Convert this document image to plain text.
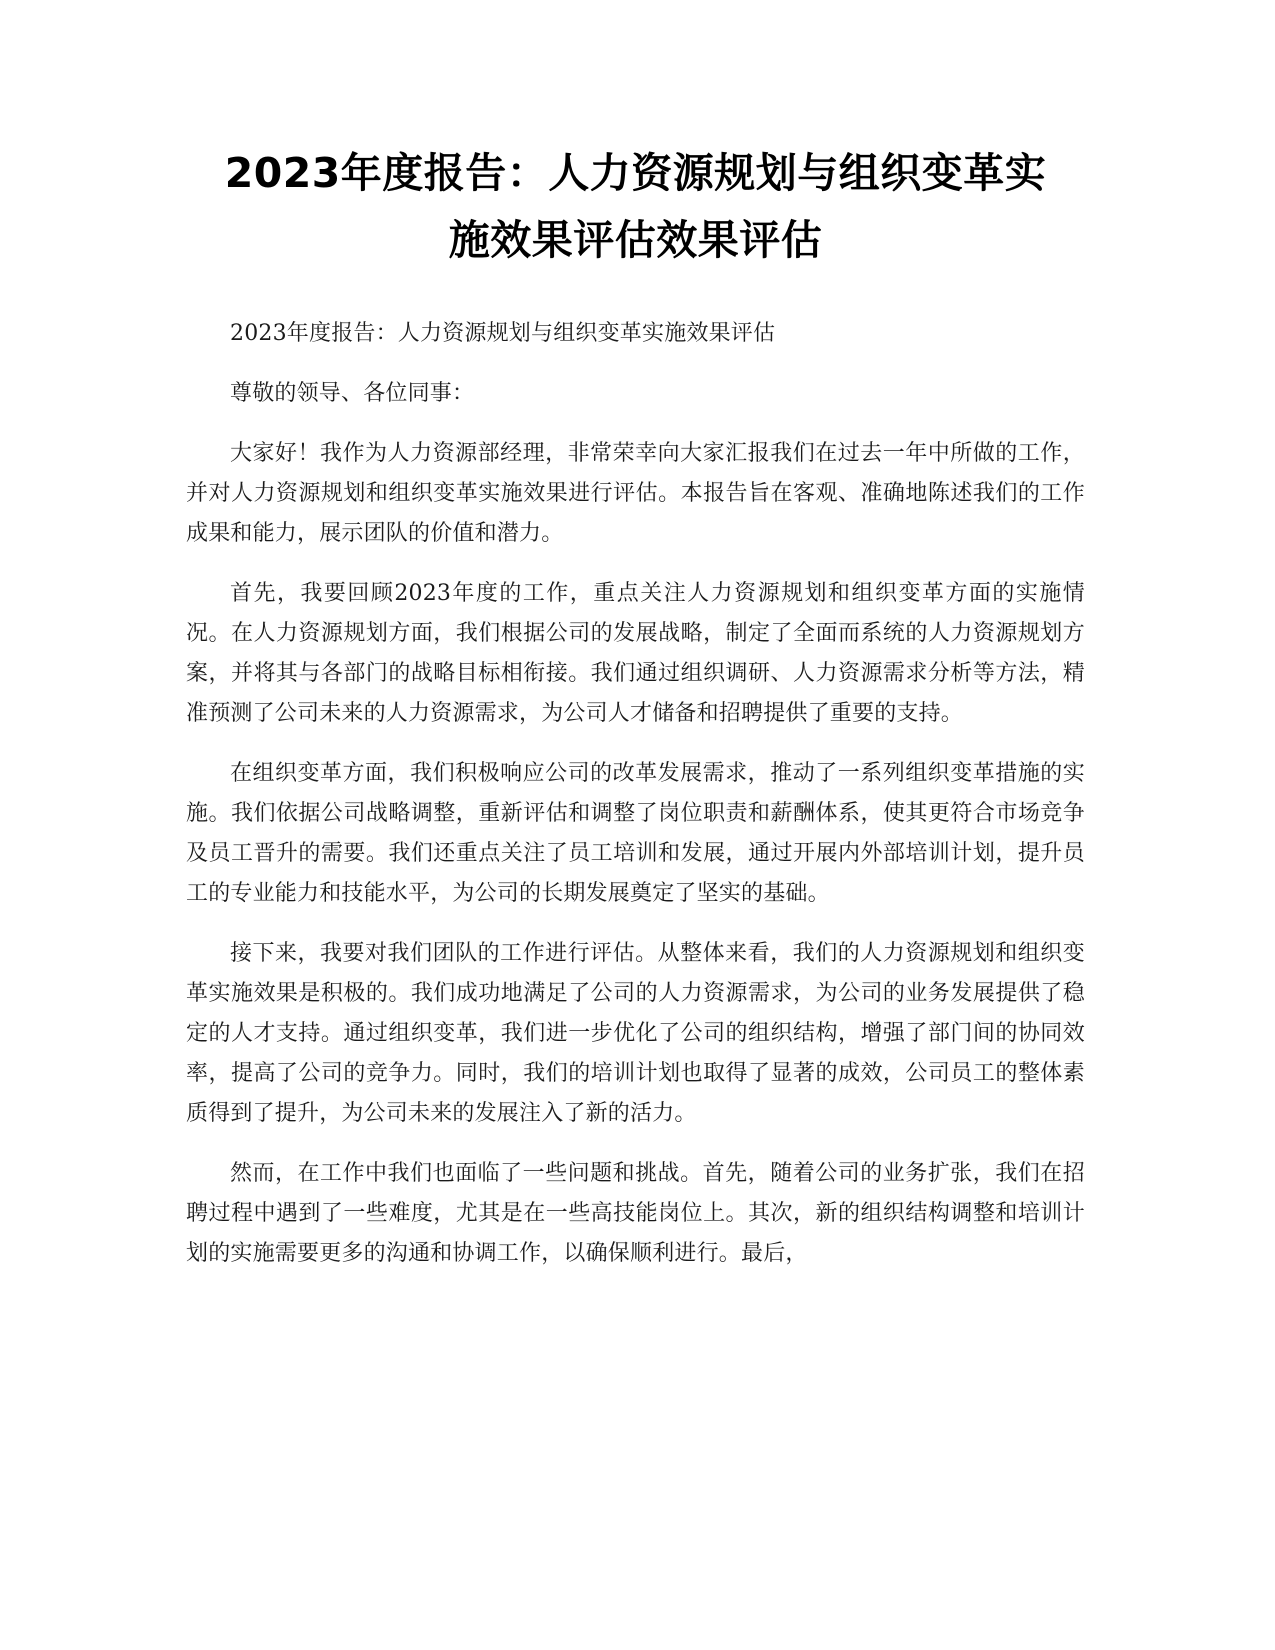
2023年度报告：人力资源规划与组织变革实
施效果评估效果评估

2023年度报告：人力资源规划与组织变革实施效果评估

尊敬的领导、各位同事：

大家好！我作为人力资源部经理，非常荣幸向大家汇报我们在过去一年中所做的工作，并对人力资源规划和组织变革实施效果进行评估。本报告旨在客观、准确地陈述我们的工作成果和能力，展示团队的价值和潜力。

首先，我要回顾2023年度的工作，重点关注人力资源规划和组织变革方面的实施情况。在人力资源规划方面，我们根据公司的发展战略，制定了全面而系统的人力资源规划方案，并将其与各部门的战略目标相衔接。我们通过组织调研、人力资源需求分析等方法，精准预测了公司未来的人力资源需求，为公司人才储备和招聘提供了重要的支持。

在组织变革方面，我们积极响应公司的改革发展需求，推动了一系列组织变革措施的实施。我们依据公司战略调整，重新评估和调整了岗位职责和薪酬体系，使其更符合市场竞争及员工晋升的需要。我们还重点关注了员工培训和发展，通过开展内外部培训计划，提升员工的专业能力和技能水平，为公司的长期发展奠定了坚实的基础。

接下来，我要对我们团队的工作进行评估。从整体来看，我们的人力资源规划和组织变革实施效果是积极的。我们成功地满足了公司的人力资源需求，为公司的业务发展提供了稳定的人才支持。通过组织变革，我们进一步优化了公司的组织结构，增强了部门间的协同效率，提高了公司的竞争力。同时，我们的培训计划也取得了显著的成效，公司员工的整体素质得到了提升，为公司未来的发展注入了新的活力。

然而，在工作中我们也面临了一些问题和挑战。首先，随着公司的业务扩张，我们在招聘过程中遇到了一些难度，尤其是在一些高技能岗位上。其次，新的组织结构调整和培训计划的实施需要更多的沟通和协调工作，以确保顺利进行。最后，
